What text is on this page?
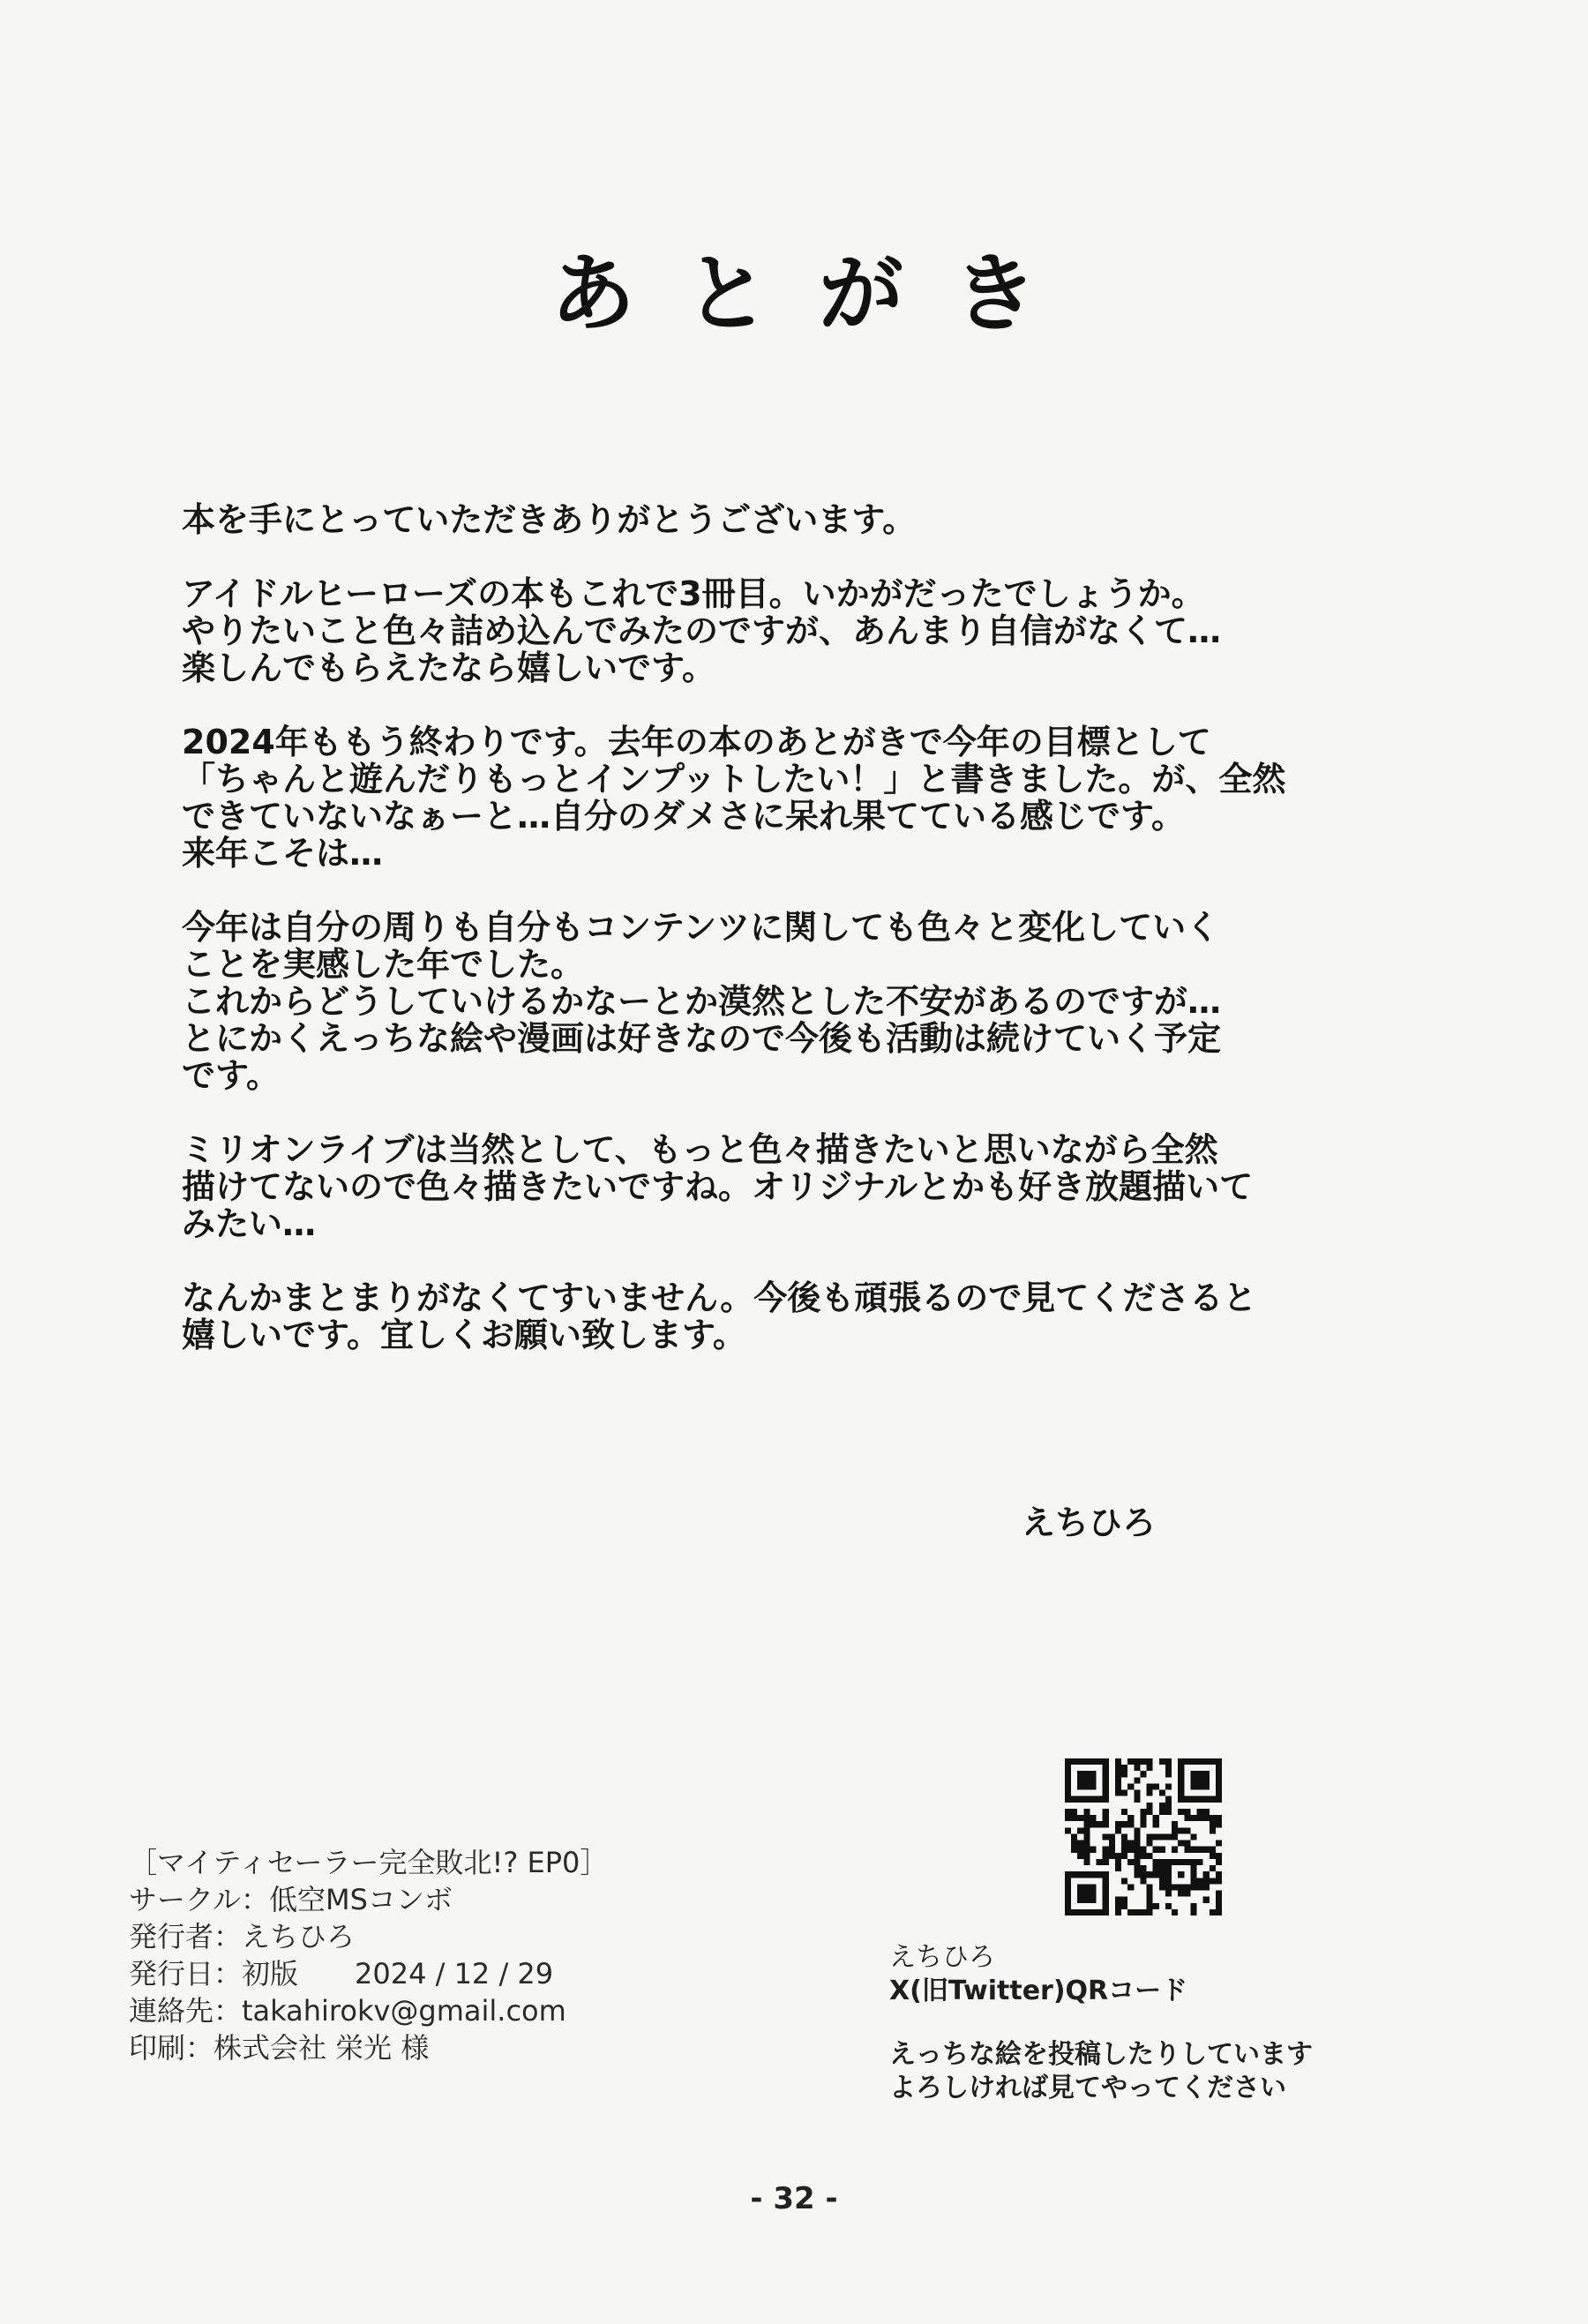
あとがき

本を手にとっていただきありがとうございます。

アイドルヒーローズの本もこれで3冊目。いかがだったでしょうか。
やりたいこと色々詰め込んでみたのですが、あんまり自信がなくて…
楽しんでもらえたなら嬉しいです。

2024年ももう終わりです。去年の本のあとがきで今年の目標として
「ちゃんと遊んだりもっとインプットしたい！」と書きました。が、全然
できていないなぁーと…自分のダメさに呆れ果てている感じです。
来年こそは…

今年は自分の周りも自分もコンテンツに関しても色々と変化していく
ことを実感した年でした。
これからどうしていけるかなーとか漠然とした不安があるのですが…
とにかくえっちな絵や漫画は好きなので今後も活動は続けていく予定
です。

ミリオンライブは当然として、もっと色々描きたいと思いながら全然
描けてないので色々描きたいですね。オリジナルとかも好き放題描いて
みたい…

なんかまとまりがなくてすいません。今後も頑張るので見てくださると
嬉しいです。宜しくお願い致します。

えちひろ
［マイティセーラー完全敗北!? EP0］
サークル：低空MSコンボ
発行者：えちひろ
発行日：初版　　2024 / 12 / 29
連絡先：takahirokv@gmail.com
印刷：株式会社 栄光 様
えちひろ
X(旧Twitter)QRコード
えっちな絵を投稿したりしています
よろしければ見てやってください
- 32 -
